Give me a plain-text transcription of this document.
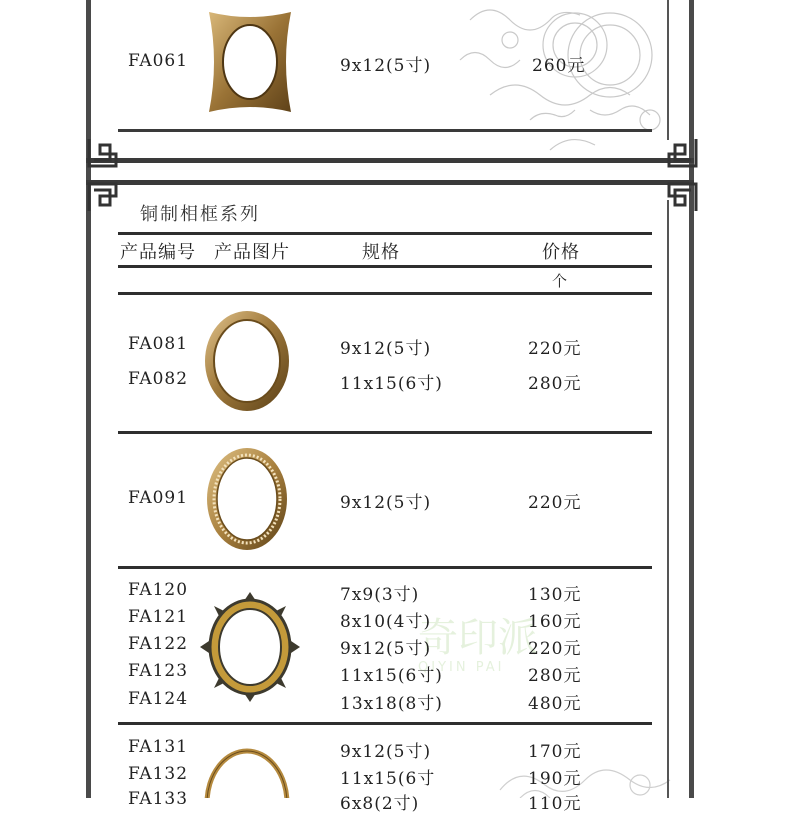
FA061	9x12(5寸)	260元
铜制相框系列
产品编号 产品图片	规格	价格
个
FA081	9x12(5寸)	220元
FA082	11x15(6寸)	280元
FA091	9x12(5寸)	220元
奇印派
QIYIN PAI
FA120	7x9(3寸)	130元
FA121	8x10(4寸)	160元
FA122	9x12(5寸)	220元
FA123	11x15(6寸)	280元
FA124	13x18(8寸)	480元
FA131	9x12(5寸)	170元
FA132	11x15(6寸	190元
FA133	6x8(2寸)	110元
